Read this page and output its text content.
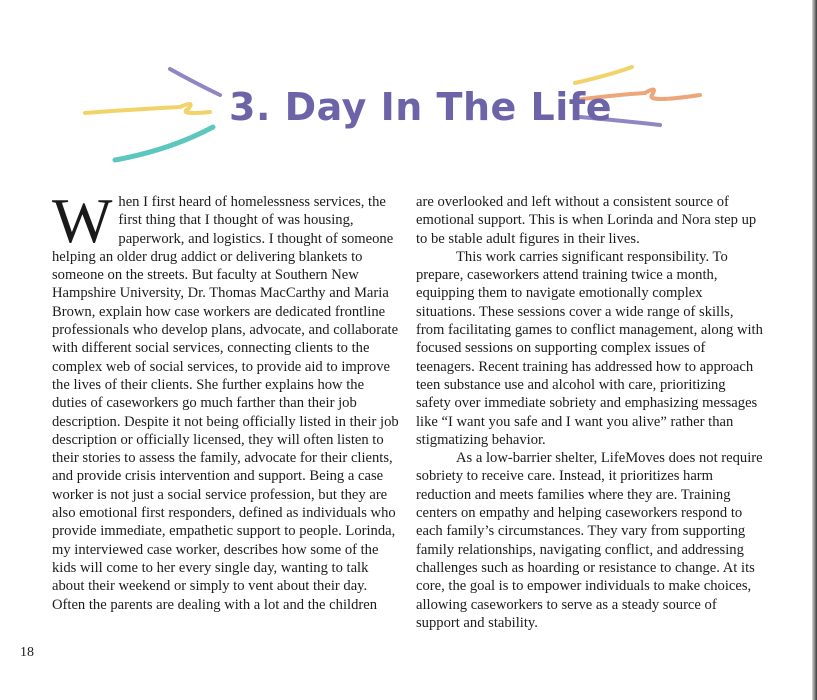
3. Day In The Life

When I first heard of homelessness services, the first thing that I thought of was housing, paperwork, and logistics. I thought of someone helping an older drug addict or delivering blankets to someone on the streets. But faculty at Southern New Hampshire University, Dr. Thomas MacCarthy and Maria Brown, explain how case workers are dedicated frontline professionals who develop plans, advocate, and collaborate with different social services, connecting clients to the complex web of social services, to provide aid to improve the lives of their clients. She further explains how the duties of caseworkers go much farther than their job description. Despite it not being officially listed in their job description or officially licensed, they will often listen to their stories to assess the family, advocate for their clients, and provide crisis intervention and support. Being a case worker is not just a social service profession, but they are also emotional first responders, defined as individuals who provide immediate, empathetic support to people. Lorinda, my interviewed case worker, describes how some of the kids will come to her every single day, wanting to talk about their weekend or simply to vent about their day. Often the parents are dealing with a lot and the children

are overlooked and left without a consistent source of emotional support. This is when Lorinda and Nora step up to be stable adult figures in their lives.

This work carries significant responsibility. To prepare, caseworkers attend training twice a month, equipping them to navigate emotionally complex situations. These sessions cover a wide range of skills, from facilitating games to conflict management, along with focused sessions on supporting complex issues of teenagers. Recent training has addressed how to approach teen substance use and alcohol with care, prioritizing safety over immediate sobriety and emphasizing messages like “I want you safe and I want you alive” rather than stigmatizing behavior.

As a low-barrier shelter, LifeMoves does not require sobriety to receive care. Instead, it prioritizes harm reduction and meets families where they are. Training centers on empathy and helping caseworkers respond to each family’s circumstances. They vary from supporting family relationships, navigating conflict, and addressing challenges such as hoarding or resistance to change. At its core, the goal is to empower individuals to make choices, allowing caseworkers to serve as a steady source of support and stability.

18
